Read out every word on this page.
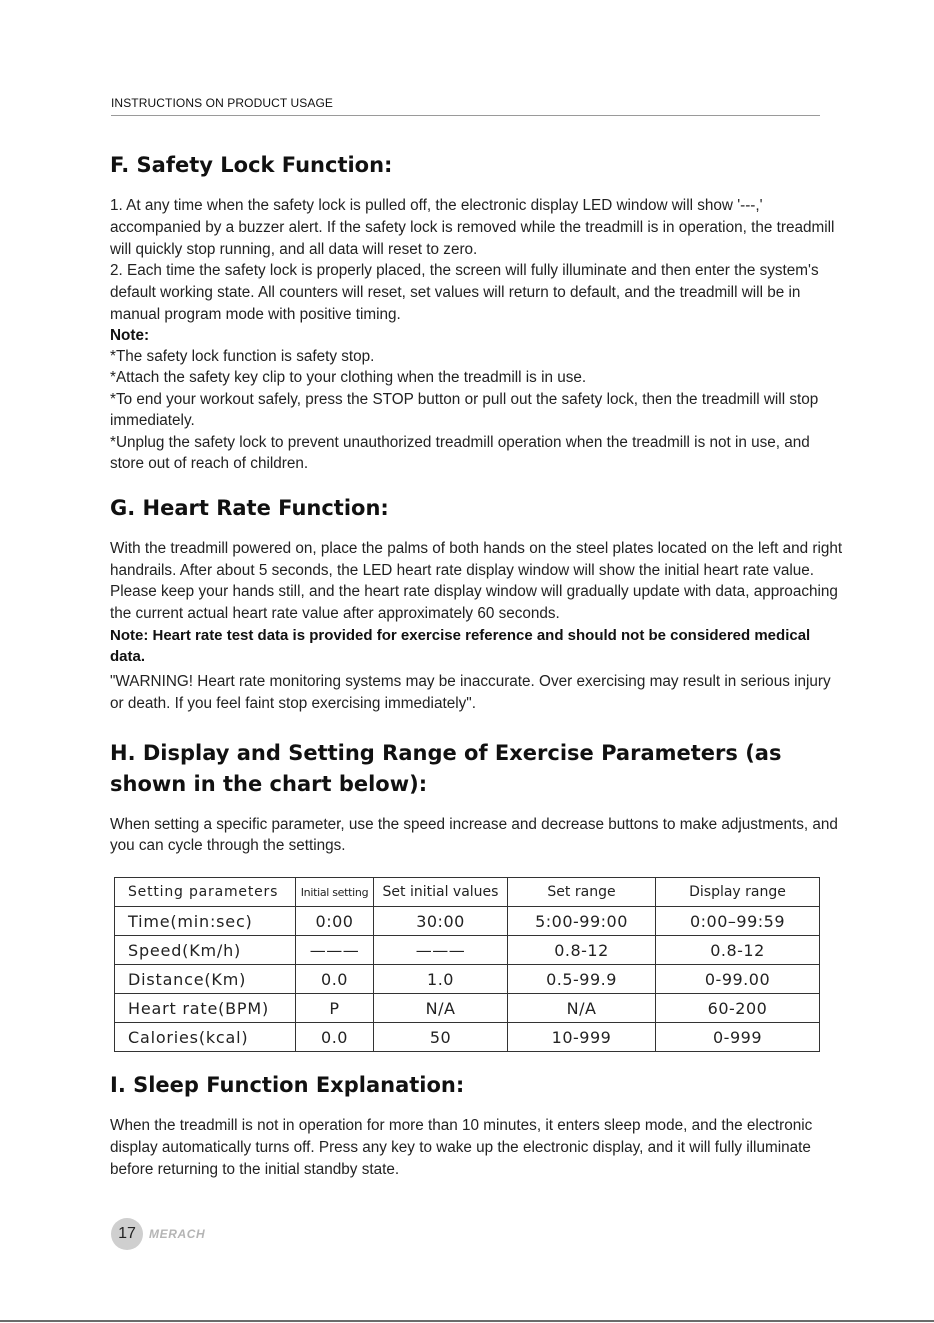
INSTRUCTIONS ON PRODUCT USAGE
F. Safety Lock Function:

1. At any time when the safety lock is pulled off, the electronic display LED window will show '---,' accompanied by a buzzer alert. If the safety lock is removed while the treadmill is in operation, the treadmill will quickly stop running, and all data will reset to zero.

2. Each time the safety lock is properly placed, the screen will fully illuminate and then enter the system's default working state. All counters will reset, set values will return to default, and the treadmill will be in manual program mode with positive timing.

Note:
*The safety lock function is safety stop.
*Attach the safety key clip to your clothing when the treadmill is in use.
*To end your workout safely, press the STOP button or pull out the safety lock, then the treadmill will stop immediately.
*Unplug the safety lock to prevent unauthorized treadmill operation when the treadmill is not in use, and store out of reach of children.
G. Heart Rate Function:

With the treadmill powered on, place the palms of both hands on the steel plates located on the left and right handrails. After about 5 seconds, the LED heart rate display window will show the initial heart rate value. Please keep your hands still, and the heart rate display window will gradually update with data, approaching the current actual heart rate value after approximately 60 seconds.

Note: Heart rate test data is provided for exercise reference and should not be considered medical data.

"WARNING! Heart rate monitoring systems may be inaccurate. Over exercising may result in serious injury or death. If you feel faint stop exercising immediately".

H. Display and Setting Range of Exercise Parameters (as shown in the chart below):

When setting a specific parameter, use the speed increase and decrease buttons to make adjustments, and you can cycle through the settings.

Setting parameters	Initial setting	Set initial values	Set range	Display range
Time(min:sec)	0:00	30:00	5:00-99:00	0:00–99:59
Speed(Km/h)	———	———	0.8-12	0.8-12
Distance(Km)	0.0	1.0	0.5-99.9	0-99.00
Heart rate(BPM)	P	N/A	N/A	60-200
Calories(kcal)	0.0	50	10-999	0-999
I. Sleep Function Explanation:

When the treadmill is not in operation for more than 10 minutes, it enters sleep mode, and the electronic display automatically turns off. Press any key to wake up the electronic display, and it will fully illuminate before returning to the initial standby state.

17	MERACH
